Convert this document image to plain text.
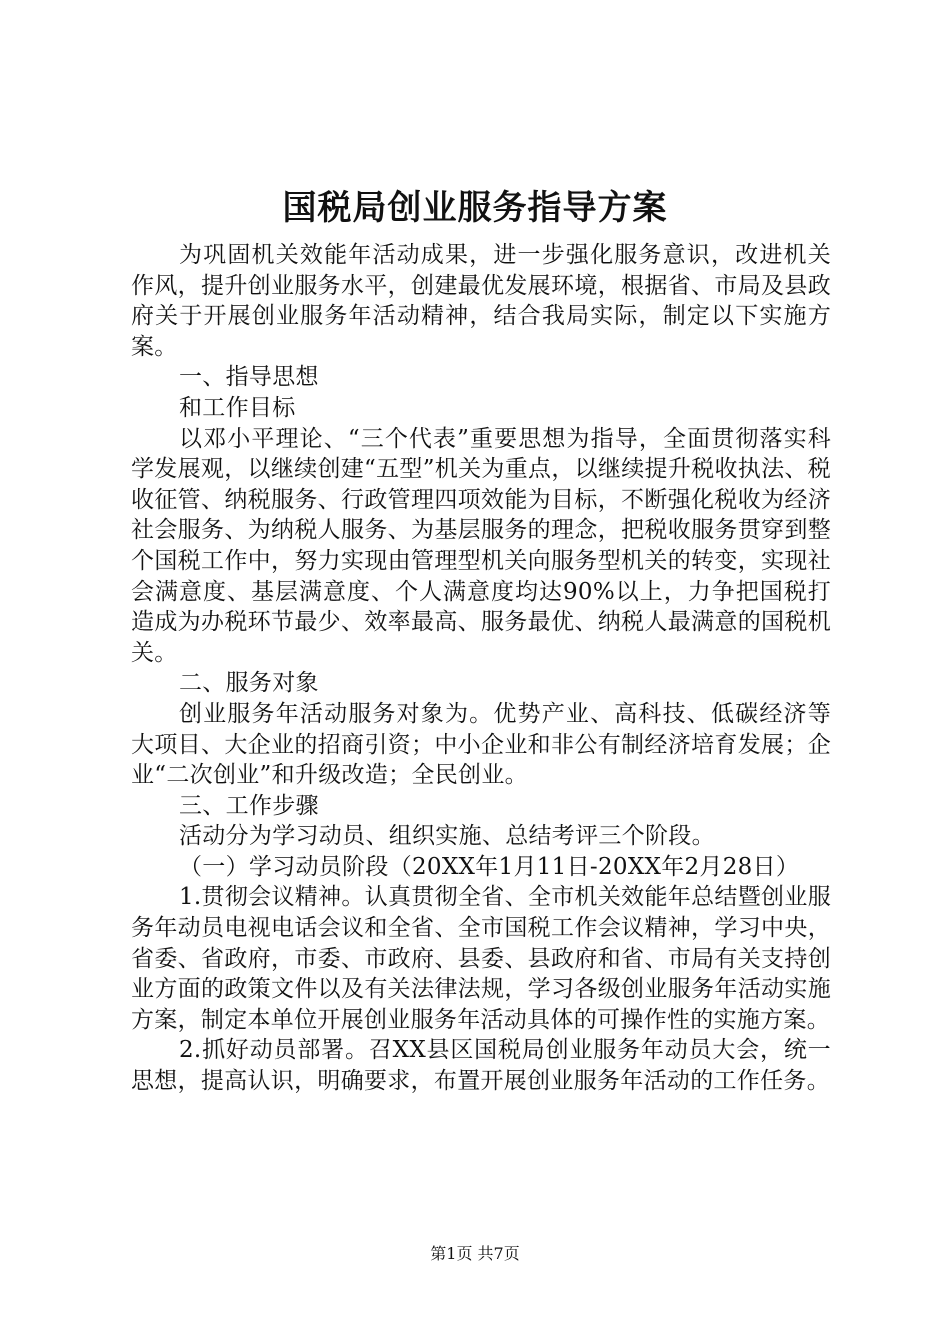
国税局创业服务指导方案

为巩固机关效能年活动成果，进一步强化服务意识，改进机关作风，提升创业服务水平，创建最优发展环境，根据省、市局及县政府关于开展创业服务年活动精神，结合我局实际，制定以下实施方案。

一、指导思想

和工作目标

以邓小平理论、“三个代表”重要思想为指导，全面贯彻落实科学发展观，以继续创建“五型”机关为重点，以继续提升税收执法、税收征管、纳税服务、行政管理四项效能为目标，不断强化税收为经济社会服务、为纳税人服务、为基层服务的理念，把税收服务贯穿到整个国税工作中，努力实现由管理型机关向服务型机关的转变，实现社会满意度、基层满意度、个人满意度均达90%以上，力争把国税打造成为办税环节最少、效率最高、服务最优、纳税人最满意的国税机关。

二、服务对象

创业服务年活动服务对象为。优势产业、高科技、低碳经济等大项目、大企业的招商引资；中小企业和非公有制经济培育发展；企业“二次创业”和升级改造；全民创业。

三、工作步骤

活动分为学习动员、组织实施、总结考评三个阶段。

（一）学习动员阶段（20XX年1月11日-20XX年2月28日）

1.贯彻会议精神。认真贯彻全省、全市机关效能年总结暨创业服务年动员电视电话会议和全省、全市国税工作会议精神，学习中央，省委、省政府，市委、市政府、县委、县政府和省、市局有关支持创业方面的政策文件以及有关法律法规，学习各级创业服务年活动实施方案，制定本单位开展创业服务年活动具体的可操作性的实施方案。

2.抓好动员部署。召XX县区国税局创业服务年动员大会，统一思想，提高认识，明确要求，布置开展创业服务年活动的工作任务。

第1页 共7页
